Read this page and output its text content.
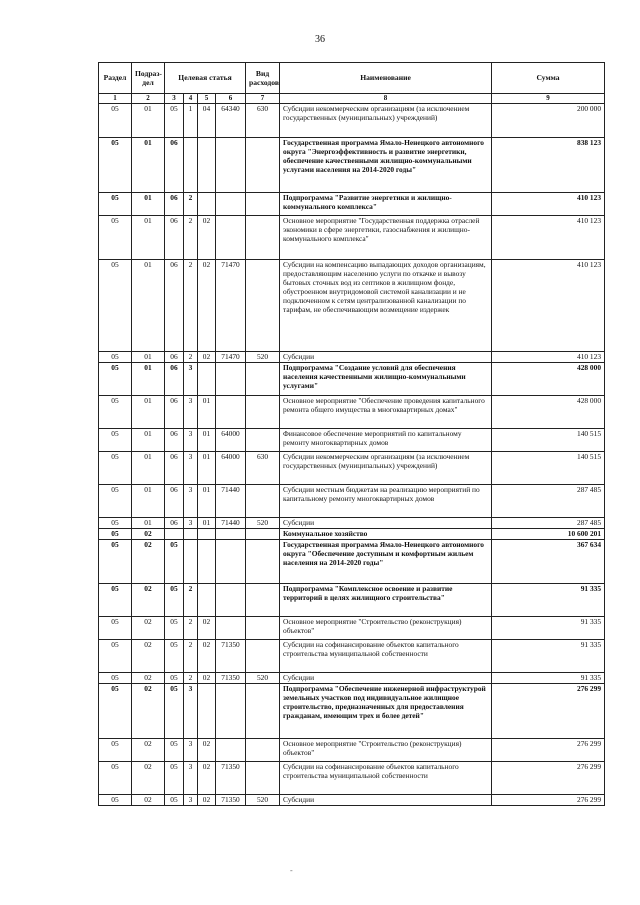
36
Раздел	Подраз-дел	Целевая статья				Вид расходов	Наименование	Сумма
1	2	3	4	5	6	7	8	9
05	01	05	1	04	64340	630	Субсидии некоммерческим организациям (за исключением государственных (муниципальных) учреждений)	200 000
05	01	06					Государственная программа Ямало-Ненецкого автономного округа "Энергоэффективность и развитие энергетики, обеспечение качественными жилищно-коммунальными услугами населения на 2014-2020 годы"	838 123
05	01	06	2				Подпрограмма "Развитие энергетики и жилищно-коммунального комплекса"	410 123
05	01	06	2	02			Основное мероприятие "Государственная поддержка отраслей экономики в сфере энергетики, газоснабжения и жилищно-коммунального комплекса"	410 123
05	01	06	2	02	71470		Субсидии на компенсацию выпадающих доходов организациям, предоставляющим населению услуги по откачке и вывозу бытовых сточных вод из септиков в жилищном фонде, обустроенном внутридомовой системой канализации и не подключенном к сетям централизованной канализации по тарифам, не обеспечивающим возмещение издержек	410 123
05	01	06	2	02	71470	520	Субсидии	410 123
05	01	06	3				Подпрограмма "Создание условий для обеспечения населения качественными жилищно-коммунальными услугами"	428 000
05	01	06	3	01			Основное мероприятие "Обеспечение проведения капитального ремонта общего имущества в многоквартирных домах"	428 000
05	01	06	3	01	64000		Финансовое обеспечение мероприятий по капитальному ремонту многоквартирных домов	140 515
05	01	06	3	01	64000	630	Субсидии некоммерческим организациям (за исключением государственных (муниципальных) учреждений)	140 515
05	01	06	3	01	71440		Субсидии местным бюджетам на реализацию мероприятий по капитальному ремонту многоквартирных домов	287 485
05	01	06	3	01	71440	520	Субсидии	287 485
05	02						Коммунальное хозяйство	10 600 201
05	02	05					Государственная программа Ямало-Ненецкого автономного округа "Обеспечение доступным и комфортным жильем населения на 2014-2020 годы"	367 634
05	02	05	2				Подпрограмма "Комплексное освоение и развитие территорий в целях жилищного строительства"	91 335
05	02	05	2	02			Основное мероприятие "Строительство (реконструкция) объектов"	91 335
05	02	05	2	02	71350		Субсидии на софинансирование объектов капитального строительства муниципальной собственности	91 335
05	02	05	2	02	71350	520	Субсидии	91 335
05	02	05	3				Подпрограмма "Обеспечение инженерной инфраструктурой земельных участков под индивидуальное жилищное строительство, предназначенных для предоставления гражданам, имеющим трех и более детей"	276 299
05	02	05	3	02			Основное мероприятие "Строительство (реконструкция) объектов"	276 299
05	02	05	3	02	71350		Субсидии на софинансирование объектов капитального строительства муниципальной собственности	276 299
05	02	05	3	02	71350	520	Субсидии	276 299
-
